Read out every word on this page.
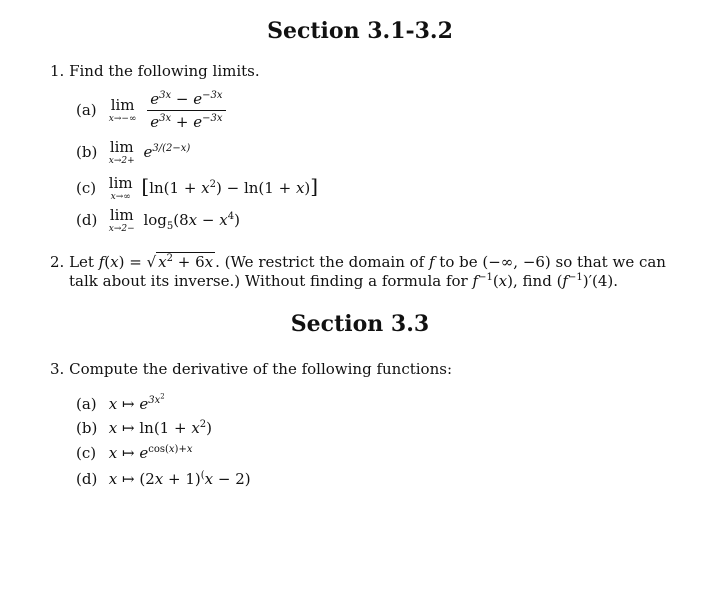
Section 3.1-3.2
1. Find the following limits.
(a) lim
x→−∞
$\frac{e^{3x} - e^{-3x}}{e^{3x} + e^{-3x}}$
(b) lim
$x\to 2+ e^{3/(2-x)}$
(c) lim
x→∞ $[\ln(1 + x^2) - \ln(1 + x)]$
(d) lim
$x\to 2- \log_5(8x - x^4)$
2. Let f(x) = √ $x^2 + 6x$ . (We restrict the domain of f to be (−∞, −6) so that we can
talk about its inverse.) Without finding a formula for $f^{-1}(x)$, find $(f^{-1})'(4)$.
Section 3.3
3. Compute the derivative of the following functions:
(a) x ↦ $e^{3x^2}$
(b) x ↦ $\ln(1 + x^2)$
(c) x ↦ $e^{cos(x)+x}$
(d) x ↦ (2x + 1)(x − 2)
